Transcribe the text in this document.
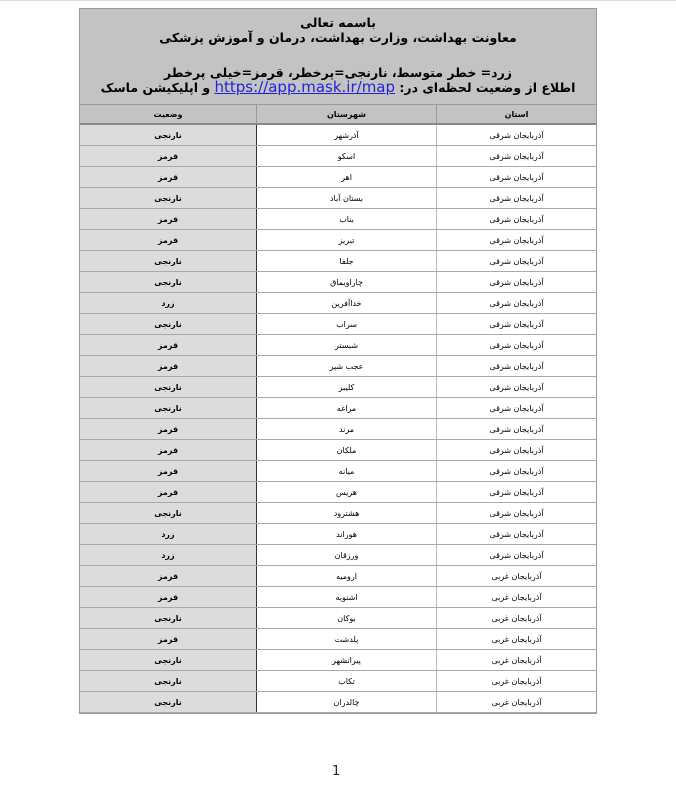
باسمه تعالی
معاونت بهداشت، وزارت بهداشت، درمان و آموزش پزشکی
زرد= خطر متوسط، نارنجی=پرخطر، قرمز=خیلی پرخطر
اطلاع از وضعیت لحظه‌ای در: https://app.mask.ir/map و اپلیکیشن ماسک
استان	شهرستان	وضعیت
آذربایجان شرقی	آذرشهر	نارنجی
آذربایجان شرقی	اسکو	قرمز
آذربایجان شرقی	اهر	قرمز
آذربایجان شرقی	بستان آباد	نارنجی
آذربایجان شرقی	بناب	قرمز
آذربایجان شرقی	تبریز	قرمز
آذربایجان شرقی	جلفا	نارنجی
آذربایجان شرقی	چاراویماق	نارنجی
آذربایجان شرقی	خداآفرین	زرد
آذربایجان شرقی	سراب	نارنجی
آذربایجان شرقی	شبستر	قرمز
آذربایجان شرقی	عجب شیر	قرمز
آذربایجان شرقی	کلیبر	نارنجی
آذربایجان شرقی	مراغه	نارنجی
آذربایجان شرقی	مرند	قرمز
آذربایجان شرقی	ملکان	قرمز
آذربایجان شرقی	میانه	قرمز
آذربایجان شرقی	هریس	قرمز
آذربایجان شرقی	هشترود	نارنجی
آذربایجان شرقی	هوراند	زرد
آذربایجان شرقی	ورزقان	زرد
آذربایجان غربی	ارومیه	قرمز
آذربایجان غربی	اشنویه	قرمز
آذربایجان غربی	بوکان	نارنجی
آذربایجان غربی	پلدشت	قرمز
آذربایجان غربی	پیرانشهر	نارنجی
آذربایجان غربی	تکاب	نارنجی
آذربایجان غربی	چالدران	نارنجی
1
